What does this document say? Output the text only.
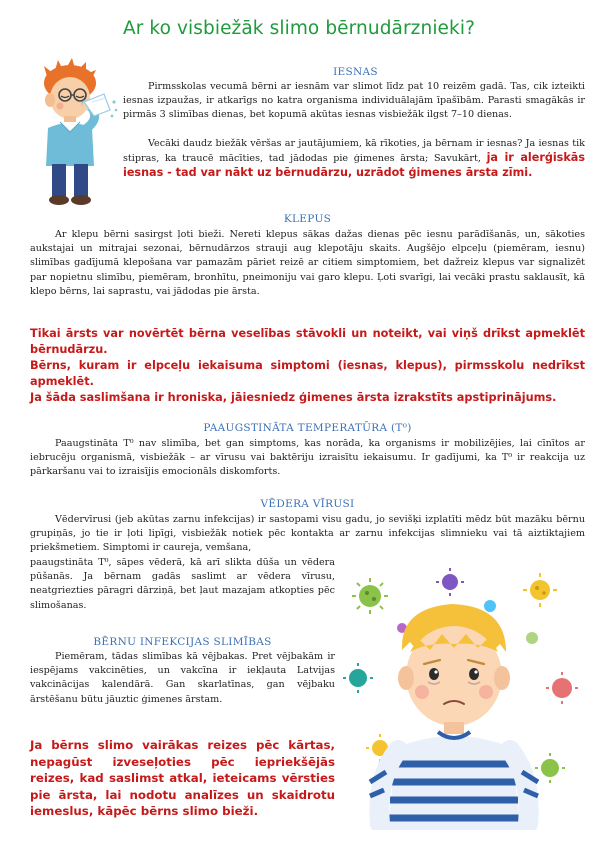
Ar ko visbiežāk slimo bērnudārznieki?
IESNAS

Pirmsskolas vecumā bērni ar iesnām var slimot līdz pat 10 reizēm gadā. Tas, cik izteikti iesnas izpaužas, ir atkarīgs no katra organisma individuālajām īpašībām. Parasti smagākās ir pirmās 3 slimības dienas, bet kopumā akūtas iesnas visbiežāk ilgst 7–10 dienas.

Vecāki daudz biežāk vēršas ar jautājumiem, kā rīkoties, ja bērnam ir iesnas? Ja iesnas tik stipras, ka traucē mācīties, tad jādodas pie ģimenes ārsta; Savukārt, ja ir alerģiskās iesnas - tad var nākt uz bērnudārzu, uzrādot ģimenes ārsta zīmi.

KLEPUS

Ar klepu bērni sasirgst ļoti bieži. Nereti klepus sākas dažas dienas pēc iesnu parādīšanās, un, sākoties aukstajai un mitrajai sezonai, bērnudārzos strauji aug klepotāju skaits. Augšējo elpceļu (piemēram, iesnu) slimības gadījumā klepošana var pamazām pāriet reizē ar citiem simptomiem, bet dažreiz klepus var signalizēt par nopietnu slimību, piemēram, bronhītu, pneimoniju vai garo klepu. Ļoti svarīgi, lai vecāki prastu saklausīt, kā klepo bērns, lai saprastu, vai jādodas pie ārsta.

Tikai ārsts var novērtēt bērna veselības stāvokli un noteikt, vai viņš drīkst apmeklēt bērnudārzu.

Bērns, kuram ir elpceļu iekaisuma simptomi (iesnas, klepus), pirmsskolu nedrīkst apmeklēt.

Ja šāda saslimšana ir hroniska, jāiesniedz ģimenes ārsta izrakstīts apstiprinājums.

PAAUGSTINĀTA TEMPERATŪRA (T⁰)

Paaugstināta T⁰ nav slimība, bet gan simptoms, kas norāda, ka organisms ir mobilizējies, lai cīnītos ar iebrucēju organismā, visbiežāk – ar vīrusu vai baktēriju izraisītu iekaisumu. Ir gadījumi, ka T⁰ ir reakcija uz pārkaršanu vai to izraisījis emocionāls diskomforts.

VĒDERA VĪRUSI

Vēdervīrusi (jeb akūtas zarnu infekcijas) ir sastopami visu gadu, jo sevišķi izplatīti mēdz būt mazāku bērnu grupiņās, jo tie ir ļoti lipīgi, visbiežāk notiek pēc kontakta ar zarnu infekcijas slimnieku vai tā aiztiktajiem priekšmetiem. Simptomi ir caureja, vemšana,

paaugstināta T⁰, sāpes vēderā, kā arī slikta dūša un vēdera pūšanās. Ja bērnam gadās saslimt ar vēdera vīrusu, neatgriezties pāragri dārziņā, bet ļaut mazajam atkopties pēc slimošanas.

BĒRNU INFEKCIJAS SLIMĪBAS

Piemēram, tādas slimības kā vējbakas. Pret vējbakām ir iespējams vakcinēties, un vakcīna ir iekļauta Latvijas vakcinācijas kalendārā. Gan skarlatīnas, gan vējbaku ārstēšanu būtu jāuztic ģimenes ārstam.

Ja bērns slimo vairākas reizes pēc kārtas, nepagūst izveseļoties pēc iepriekšējās reizes, kad saslimst atkal, ieteicams vērsties pie ārsta, lai nodotu analīzes un skaidrotu iemeslus, kāpēc bērns slimo bieži.
